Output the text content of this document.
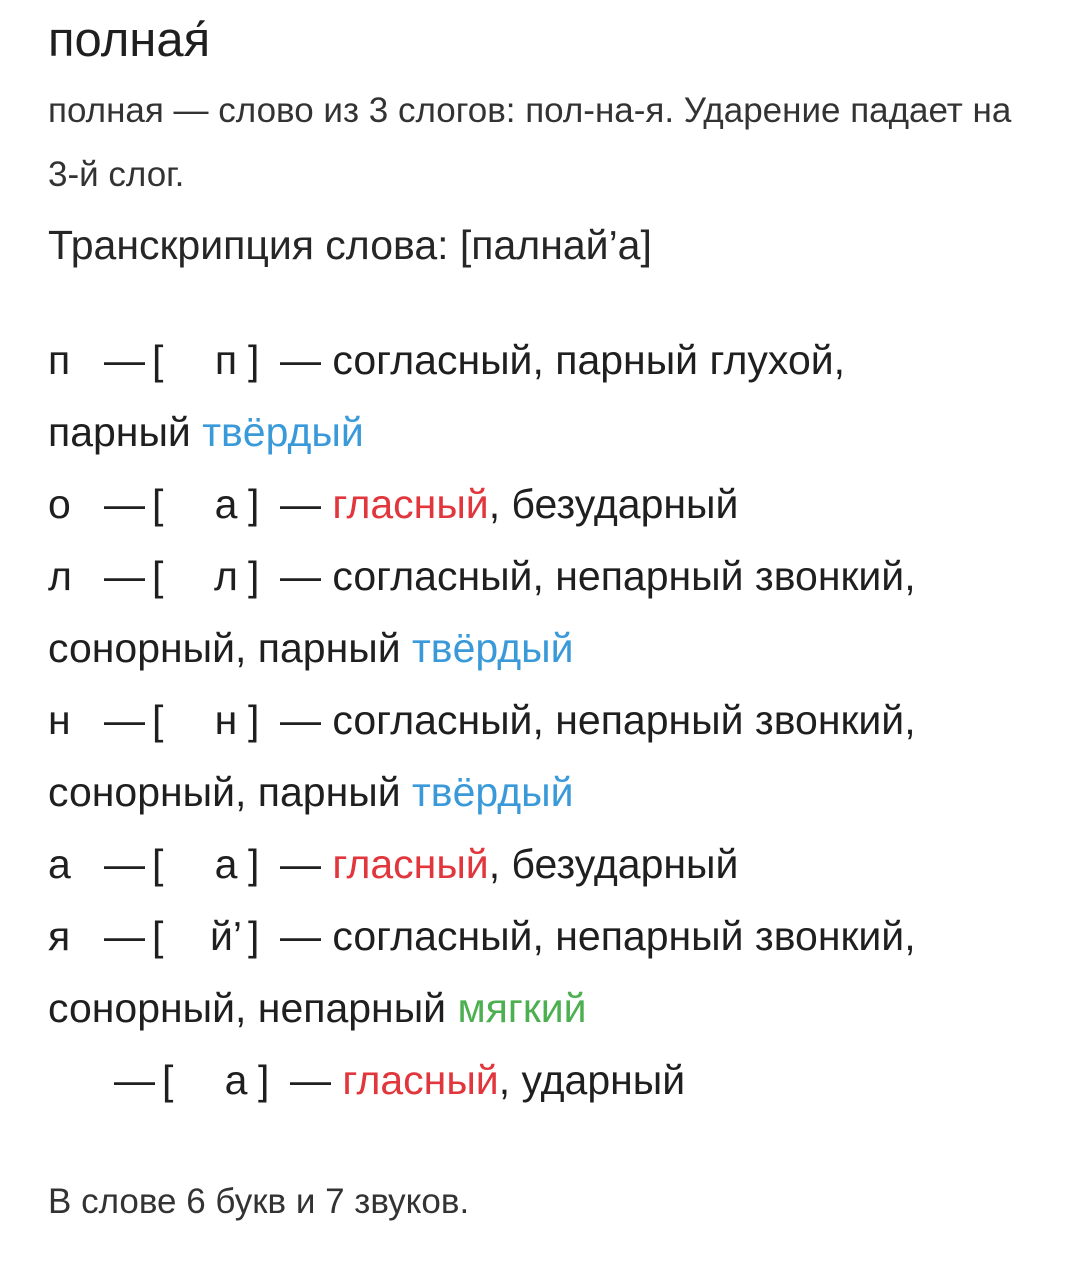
полная́
полная — слово из 3 слогов: пол-на-я. Ударение падает на 3-й слог.
Транскрипция слова: [палнай’а]
п — [ п ] — согласный, парный глухой,
парный твёрдый
о — [ а ] — гласный, безударный
л — [ л ] — согласный, непарный звонкий,
сонорный, парный твёрдый
н — [ н ] — согласный, непарный звонкий,
сонорный, парный твёрдый
а — [ а ] — гласный, безударный
я — [ й’ ] — согласный, непарный звонкий,
сонорный, непарный мягкий
— [ а ] — гласный, ударный
В слове 6 букв и 7 звуков.
